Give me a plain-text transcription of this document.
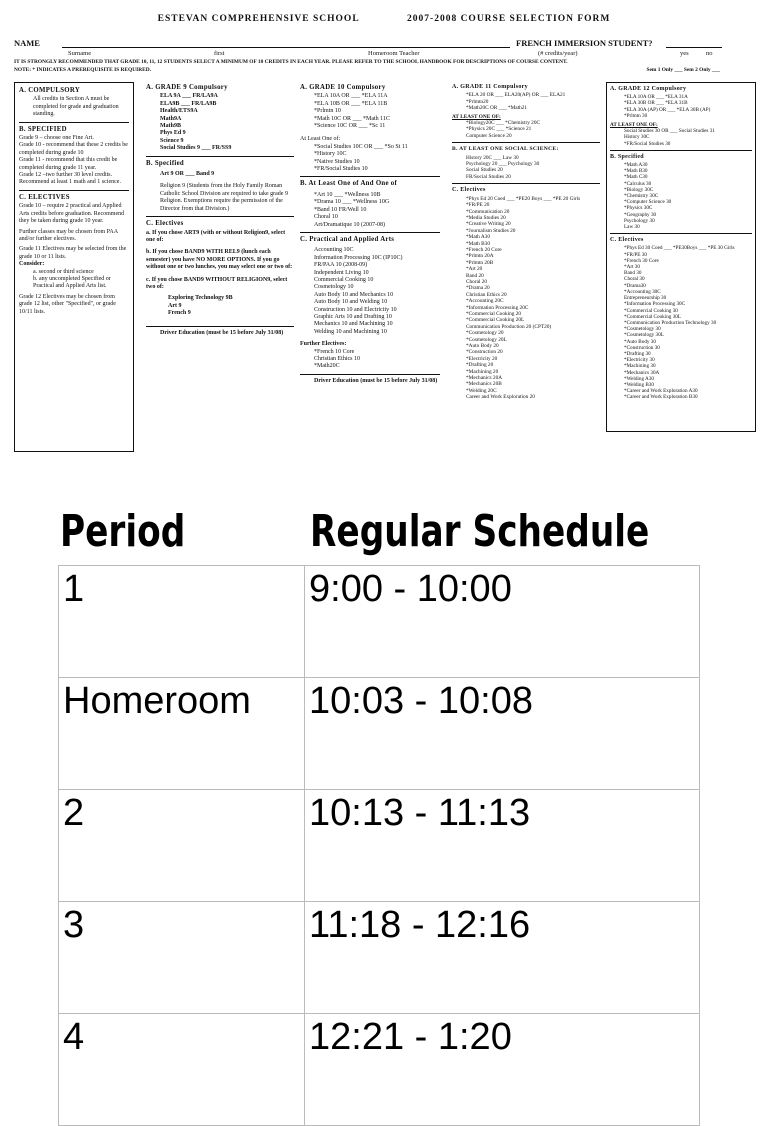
ESTEVAN COMPREHENSIVE SCHOOL	2007-2008 COURSE SELECTION FORM
NAME	FRENCH IMMERSION STUDENT?
Surname	first	Homeroom Teacher	(# credits/year)	yes	no
IT IS STRONGLY RECOMMENDED THAT GRADE 10, 11, 12 STUDENTS SELECT A MINIMUM OF 10 CREDITS IN EACH YEAR. PLEASE REFER TO THE SCHOOL HANDBOOK FOR DESCRIPTIONS OF COURSE CONTENT.
NOTE: * INDICATES A PREREQUISITE IS REQUIRED.	Sem 1 Only ___ Sem 2 Only ___
A. COMPULSORY
All credits in Section A must be completed for grade and graduation standing.
B. SPECIFIED
Grade 9 – choose one Fine Art.
Grade 10 - recommend that these 2 credits be completed during grade 10
Grade 11 - recommend that this credit be completed during grade 11 year.
Grade 12 –two further 30 level credits. Recommend at least 1 math and 1 science.
C. ELECTIVES
Grade 10 – require 2 practical and Applied Arts credits before graduation. Recommend they be taken during grade 10 year.
Further classes may be chosen from PAA and/or further electives.
Grade 11 Electives may be selected from the grade 10 or 11 lists.
Consider:
a. second or third science
b. any uncompleted Specified or Practical and Applied Arts list.
Grade 12 Electives may be chosen from grade 12 list, other "Specified", or grade 10/11 lists.
A. GRADE 9 Compulsory
ELA 9A ___ FR/LA9A
ELA9B ___ FR/LA9B
Health/ETS9A
Math9A
Math9B
Phys Ed 9
Science 9
Social Studies 9 ___ FR/SS9
B. Specified
Art 9 OR ___ Band 9
Religion 9 (Students from the Holy Family Roman Catholic School Division are required to take grade 9 Religion. Exemptions require the permission of the Director from that Division.)
C. Electives
a. If you chose ART9 (with or without Religion9, select one of:
b. If you chose BAND9 WITH REL9 (lunch each semester) you have NO MORE OPTIONS. If you go without one or two lunches, you may select one or two of:
c. If you chose BAND9 WITHOUT RELIGION9, select two of:
Exploring Technology 9B
Art 9
French 9
Driver Education (must be 15 before July 31/08)
A. GRADE 10 Compulsory
*ELA 10A OR ___ *ELA 11A
*ELA 10B OR ___ *ELA 11B
*Prlmtn 10
*Math 10C OR ___ *Math 11C
*Science 10C OR ___ *Sc 11
At Least One of:
*Social Studies 10C OR ___ *So St 11
*History 10C
*Native Studies 10
*FR/Social Studies 10
B. At Least One of And One of
*Art 10 ___ *Wellness 10B
*Drama 10 ___ *Wellness 10G
*Band 10 FR/Well 10
Choral 10
Art/Dramatique 10 (2007-08)
C. Practical and Applied Arts
Accounting 10C
Information Processing 10C (IP10C)
FR/PAA 10 (2008-09)
Independent Living 10
Commercial Cooking 10
Cosmetology 10
Auto Body 10 and Mechanics 10
Auto Body 10 and Welding 10
Construction 10 and Electricity 10
Graphic Arts 10 and Drafting 10
Mechanics 10 and Machining 10
Welding 10 and Machining 10
Further Electives:
*French 10 Core
Christian Ethics 10
*Math20C
Driver Education (must be 15 before July 31/08)
A. GRADE 11 Compulsory
*ELA 20 OR ___ ELA20(AP) OR ___ ELA21
*Prlmtn20
*Math20C OR ___ *Math21
AT LEAST ONE OF:
*Biology20C ___ *Chemistry 20C
*Physics 20C ___ *Science 21
Computer Science 20
B. AT LEAST ONE SOCIAL SCIENCE:
History 20C ___ Law 30
Psychology 20 ___ Psychology 30
Social Studies 20
FR/Social Studies 20
C. Electives
*Phys Ed 20 Coed ___ *PE20 Boys ___ *PE 20 Girls
*FR/PE 20
*Communication 20
*Media Studies 20
*Creative Writing 20
*Journalism Studies 20
*Math A30
*Math B30
*French 20 Core
*Prlmtn 20A
*Prlmtn 20B
*Art 20
Band 20
Choral 20
*Drama 20
Christian Ethics 20
*Accounting 20C
*Information Processing 20C
*Commercial Cooking 20
*Commercial Cooking 20L
Communication Production 20 (CPT20)
*Cosmetology 20
*Cosmetology 20L
*Auto Body 20
*Construction 20
*Electricity 20
*Drafting 20
*Machining 20
*Mechanics 20A
*Mechanics 20B
*Welding 20C
Career and Work Exploration 20
A. GRADE 12 Compulsory
*ELA 10A OR ___ *ELA 31A
*ELA 30B OR ___ *ELA 31B
*ELA 30A (AP) OR ___ *ELA 30B (AP)
*Prlmtn 30
AT LEAST ONE OF:
Social Studies 30 OR ___ Social Studies 31
History 30C
*FR/Social Studies 30
B. Specified
*Math A30
*Math B30
*Math C30
*Calculus 30
*Biology 30C
*Chemistry 30C
*Computer Science 30
*Physics 30C
*Geography 30
Psychology 30
Law 30
C. Electives
*Phys Ed 30 Coed ___ *PE30Boys ___ *PE 30 Girls
*FR/PE 30
*French 30 Core
*Art 30
Band 30
Choral 30
*Drama30
*Accounting 30C
Entrepreneurship 30
*Information Processing 30C
*Commercial Cooking 30
*Commercial Cooking 30L
*Communication Production Technology 30
*Cosmetology 30
*Cosmetology 30L
*Auto Body 30
*Construction 30
*Drafting 30
*Electricity 30
*Machining 30
*Mechanics 30A
*Welding A30
*Welding B30
*Career and Work Exploration A30
*Career and Work Exploration B30
Period	Regular Schedule
1	9:00 - 10:00
Homeroom	10:03 - 10:08
2	10:13 - 11:13
3	11:18 - 12:16
4	12:21 - 1:20
